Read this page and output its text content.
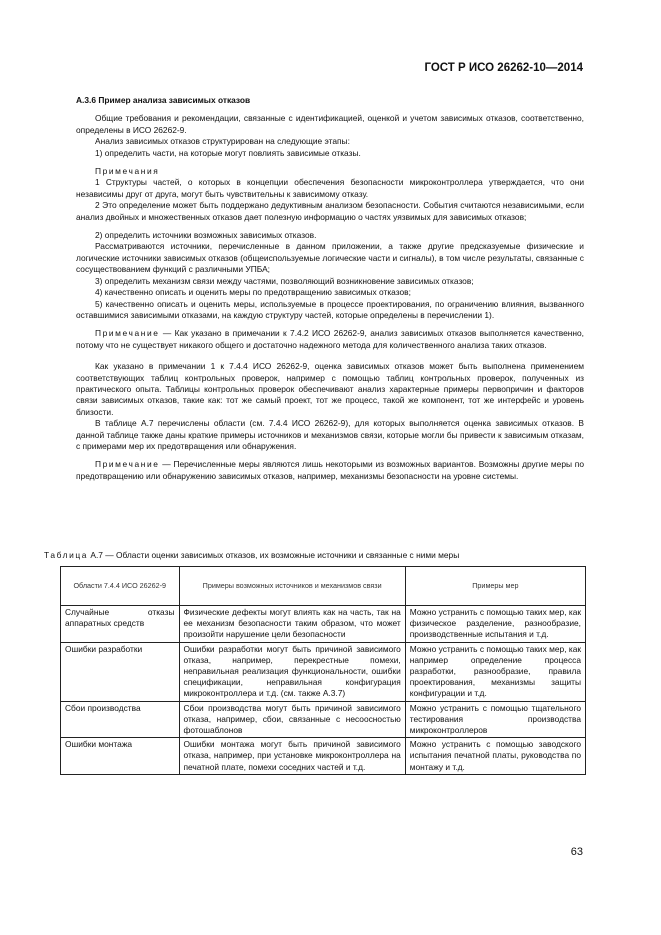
ГОСТ Р ИСО 26262-10—2014

А.3.6 Пример анализа зависимых отказов

Общие требования и рекомендации, связанные с идентификацией, оценкой и учетом зависимых отказов, соответственно, определены в ИСО 26262-9.

Анализ зависимых отказов структурирован на следующие этапы:

1) определить части, на которые могут повлиять зависимые отказы.

Примечания

1 Структуры частей, о которых в концепции обеспечения безопасности микроконтроллера утверждается, что они независимы друг от друга, могут быть чувствительны к зависимому отказу.

2 Это определение может быть поддержано дедуктивным анализом безопасности. События считаются независимыми, если анализ двойных и множественных отказов дает полезную информацию о частях уязвимых для зависимых отказов;

2) определить источники возможных зависимых отказов.

Рассматриваются источники, перечисленные в данном приложении, а также другие предсказуемые физические и логические источники зависимых отказов (общеиспользуемые логические части и сигналы), в том числе результаты, связанные с сосуществованием функций с различными УПБА;

3) определить механизм связи между частями, позволяющий возникновение зависимых отказов;

4) качественно описать и оценить меры по предотвращению зависимых отказов;

5) качественно описать и оценить меры, используемые в процессе проектирования, по ограничению влияния, вызванного оставшимися зависимыми отказами, на каждую структуру частей, которые определены в перечислении 1).

Примечание — Как указано в примечании к 7.4.2 ИСО 26262-9, анализ зависимых отказов выполняется качественно, потому что не существует никакого общего и достаточно надежного метода для количественного анализа таких отказов.

Как указано в примечании 1 к 7.4.4 ИСО 26262-9, оценка зависимых отказов может быть выполнена применением соответствующих таблиц контрольных проверок, например с помощью таблиц контрольных проверок, полученных из практического опыта. Таблицы контрольных проверок обеспечивают анализ характерные примеры первопричин и факторов связи зависимых отказов, такие как: тот же самый проект, тот же процесс, такой же компонент, тот же интерфейс и уровень близости.

В таблице А.7 перечислены области (см. 7.4.4 ИСО 26262-9), для которых выполняется оценка зависимых отказов. В данной таблице также даны краткие примеры источников и механизмов связи, которые могли бы привести к зависимым отказам, с примерами мер их предотвращения или обнаружения.

Примечание — Перечисленные меры являются лишь некоторыми из возможных вариантов. Возможны другие меры по предотвращению или обнаружению зависимых отказов, например, механизмы безопасности на уровне системы.

Таблица А.7 — Области оценки зависимых отказов, их возможные источники и связанные с ними меры
Области 7.4.4 ИСО 26262-9	Примеры возможных источников и механизмов связи	Примеры мер
Случайные отказы аппаратных средств	Физические дефекты могут влиять как на часть, так на ее механизм безопасности таким образом, что может произойти нарушение цели безопасности	Можно устранить с помощью таких мер, как физическое разделение, разнообразие, производственные испытания и т.д.
Ошибки разработки	Ошибки разработки могут быть причиной зависимого отказа, например, перекрестные помехи, неправильная реализация функциональности, ошибки спецификации, неправильная конфигурация микроконтроллера и т.д. (см. также А.3.7)	Можно устранить с помощью таких мер, как например определение процесса разработки, разнообразие, правила проектирования, механизмы защиты конфигурации и т.д.
Сбои производства	Сбои производства могут быть причиной зависимого отказа, например, сбои, связанные с несоосностью фотошаблонов	Можно устранить с помощью тщательного тестирования производства микроконтроллеров
Ошибки монтажа	Ошибки монтажа могут быть причиной зависимого отказа, например, при установке микроконтроллера на печатной плате, помехи соседних частей и т.д.	Можно устранить с помощью заводского испытания печатной платы, руководства по монтажу и т.д.
63
